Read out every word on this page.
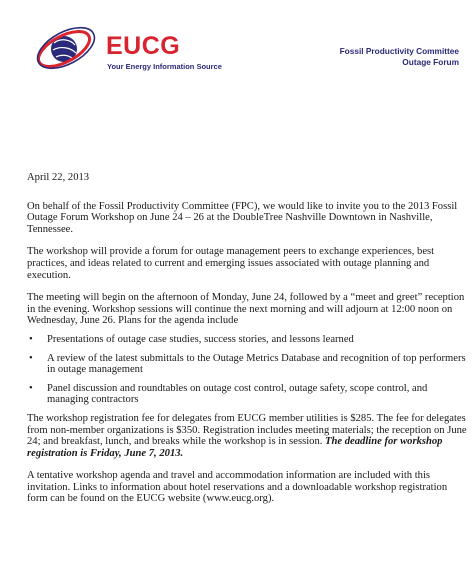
EUCG
Your Energy Information Source
Fossil Productivity Committee
Outage Forum

April 22, 2013

On behalf of the Fossil Productivity Committee (FPC), we would like to invite you to the 2013 Fossil Outage Forum Workshop on June 24 – 26 at the DoubleTree Nashville Downtown in Nashville, Tennessee.

The workshop will provide a forum for outage management peers to exchange experiences, best practices, and ideas related to current and emerging issues associated with outage planning and execution.

The meeting will begin on the afternoon of Monday, June 24, followed by a “meet and greet” reception in the evening. Workshop sessions will continue the next morning and will adjourn at 12:00 noon on Wednesday, June 26. Plans for the agenda include

• Presentations of outage case studies, success stories, and lessons learned
• A review of the latest submittals to the Outage Metrics Database and recognition of top performers in outage management
• Panel discussion and roundtables on outage cost control, outage safety, scope control, and managing contractors

The workshop registration fee for delegates from EUCG member utilities is $285. The fee for delegates from non-member organizations is $350. Registration includes meeting materials; the reception on June 24; and breakfast, lunch, and breaks while the workshop is in session. The deadline for workshop registration is Friday, June 7, 2013.

A tentative workshop agenda and travel and accommodation information are included with this invitation. Links to information about hotel reservations and a downloadable workshop registration form can be found on the EUCG website (www.eucg.org).
